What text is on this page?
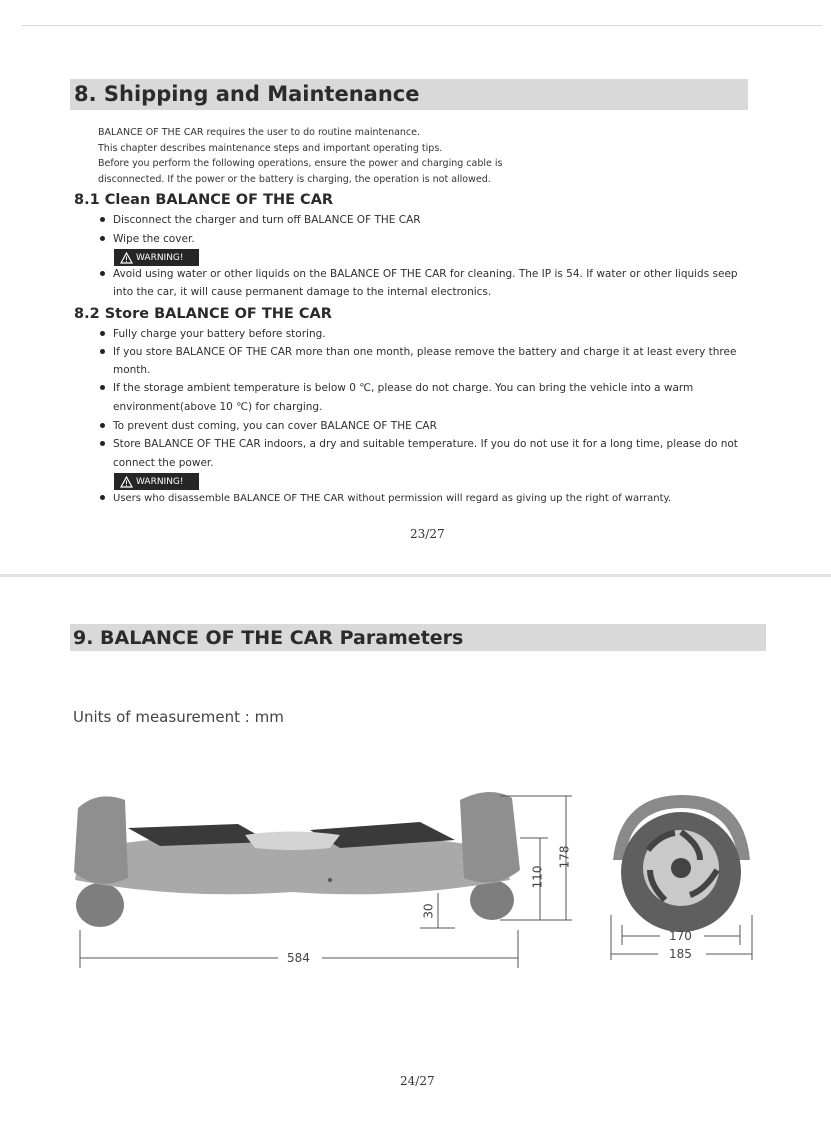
8. Shipping and Maintenance
BALANCE OF THE CAR requires the user to do routine maintenance.
This chapter describes maintenance steps and important operating tips.
Before you perform the following operations, ensure the power and charging cable is
disconnected. If the power or the battery is charging, the operation is not allowed.
8.1 Clean BALANCE OF THE CAR
Disconnect the charger and turn off BALANCE OF THE CAR
Wipe the cover.
WARNING!
Avoid using water or other liquids on the BALANCE OF THE CAR for cleaning. The IP is 54. If water or other liquids seep
into the car, it will cause permanent damage to the internal electronics.
8.2 Store BALANCE OF THE CAR
Fully charge your battery before storing.
If you store BALANCE OF THE CAR more than one month, please remove the battery and charge it at least every three
month.
If the storage ambient temperature is below 0 ℃, please do not charge. You can bring the vehicle into a warm
environment(above 10 ℃) for charging.
To prevent dust coming, you can cover BALANCE OF THE CAR
Store BALANCE OF THE CAR indoors, a dry and suitable temperature. If you do not use it for a long time, please do not
connect the power.
WARNING!
Users who disassemble BALANCE OF THE CAR without permission will regard as giving up the right of warranty.
23/27
9. BALANCE OF THE CAR Parameters
Units of measurement : mm
584
30
110
178
170
185
24/27
